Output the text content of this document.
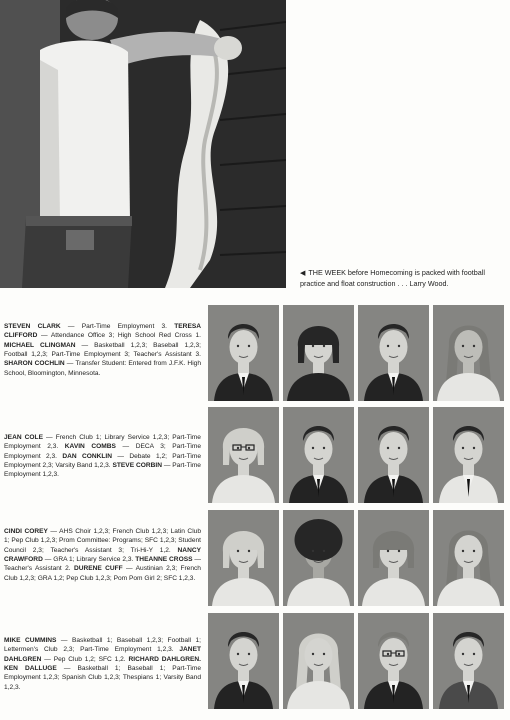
◀ THE WEEK before Homecoming is packed with football practice and float construction . . . Larry Wood.
STEVEN CLARK — Part-Time Employment 3. TERESA CLIFFORD — Attendance Office 3; High School Red Cross 1. MICHAEL CLINGMAN — Basketball 1,2,3; Baseball 1,2,3; Football 1,2,3; Part-Time Employment 3; Teacher's Assistant 3. SHARON COCHLIN — Transfer Student: Entered from J.F.K. High School, Bloomington, Minnesota.
JEAN COLE — French Club 1; Library Service 1,2,3; Part-Time Employment 2,3. KAVIN COMBS — DECA 3; Part-Time Employment 2,3. DAN CONKLIN — Debate 1,2; Part-Time Employment 2,3; Varsity Band 1,2,3. STEVE CORBIN — Part-Time Employment 1,2,3.
CINDI COREY — AHS Choir 1,2,3; French Club 1,2,3; Latin Club 1; Pep Club 1,2,3; Prom Committee: Programs; SFC 1,2,3; Student Council 2,3; Teacher's Assistant 3; Tri-Hi-Y 1,2. NANCY CRAWFORD — GRA 1; Library Service 2,3. THEANNE CROSS — Teacher's Assistant 2. DURENE CUFF — Austinian 2,3; French Club 1,2,3; GRA 1,2; Pep Club 1,2,3; Pom Pom Girl 2; SFC 1,2,3.
MIKE CUMMINS — Basketball 1; Baseball 1,2,3; Football 1; Lettermen's Club 2,3; Part-Time Employment 1,2,3. JANET DAHLGREN — Pep Club 1,2; SFC 1,2. RICHARD DAHLGREN. KEN DALLUGE — Basketball 1; Baseball 1; Part-Time Employment 1,2,3; Spanish Club 1,2,3; Thespians 1; Varsity Band 1,2,3.
